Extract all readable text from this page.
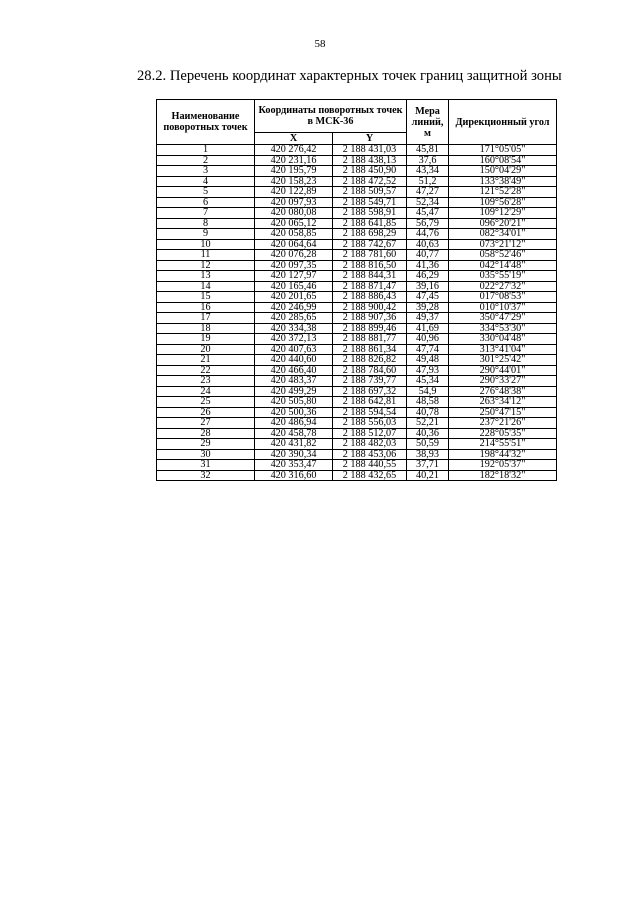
58
28.2. Перечень координат характерных точек границ защитной зоны
Наименование поворотных точек	Координаты поворотных точек в МСК-36		Мера линий, м	Дирекционный угол
	X	Y		
1	420 276,42	2 188 431,03	45,81	171°05'05"
2	420 231,16	2 188 438,13	37,6	160°08'54"
3	420 195,79	2 188 450,90	43,34	150°04'29"
4	420 158,23	2 188 472,52	51,2	133°38'49"
5	420 122,89	2 188 509,57	47,27	121°52'28"
6	420 097,93	2 188 549,71	52,34	109°56'28"
7	420 080,08	2 188 598,91	45,47	109°12'29"
8	420 065,12	2 188 641,85	56,79	096°20'21"
9	420 058,85	2 188 698,29	44,76	082°34'01"
10	420 064,64	2 188 742,67	40,63	073°21'12"
11	420 076,28	2 188 781,60	40,77	058°52'46"
12	420 097,35	2 188 816,50	41,36	042°14'48"
13	420 127,97	2 188 844,31	46,29	035°55'19"
14	420 165,46	2 188 871,47	39,16	022°27'32"
15	420 201,65	2 188 886,43	47,45	017°08'53"
16	420 246,99	2 188 900,42	39,28	010°10'37"
17	420 285,65	2 188 907,36	49,37	350°47'29"
18	420 334,38	2 188 899,46	41,69	334°53'30"
19	420 372,13	2 188 881,77	40,96	330°04'48"
20	420 407,63	2 188 861,34	47,74	313°41'04"
21	420 440,60	2 188 826,82	49,48	301°25'42"
22	420 466,40	2 188 784,60	47,93	290°44'01"
23	420 483,37	2 188 739,77	45,34	290°33'27"
24	420 499,29	2 188 697,32	54,9	276°48'38"
25	420 505,80	2 188 642,81	48,58	263°34'12"
26	420 500,36	2 188 594,54	40,78	250°47'15"
27	420 486,94	2 188 556,03	52,21	237°21'26"
28	420 458,78	2 188 512,07	40,36	228°05'35"
29	420 431,82	2 188 482,03	50,59	214°55'51"
30	420 390,34	2 188 453,06	38,93	198°44'32"
31	420 353,47	2 188 440,55	37,71	192°05'37"
32	420 316,60	2 188 432,65	40,21	182°18'32"
